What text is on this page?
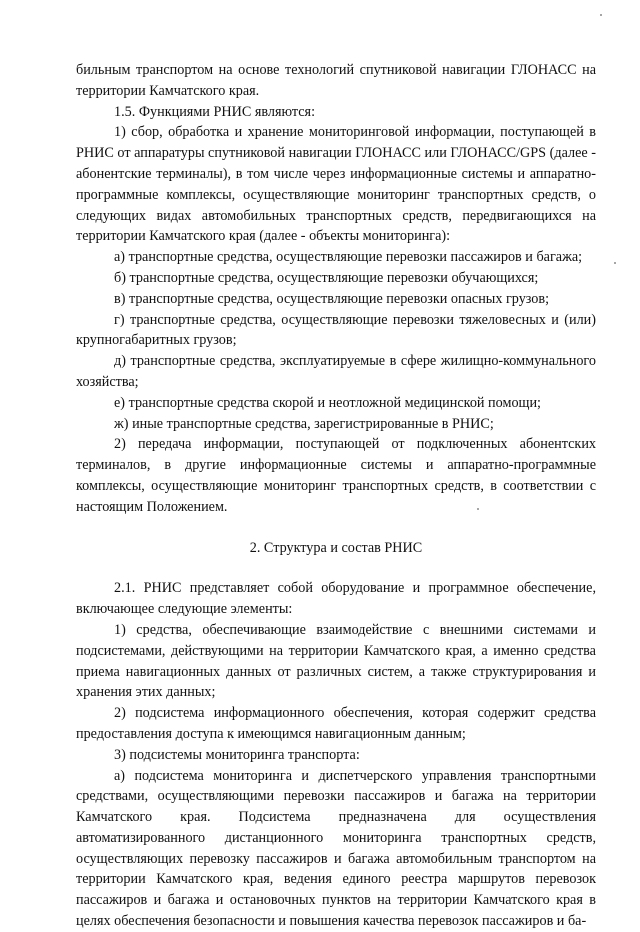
бильным транспортом на основе технологий спутниковой навигации ГЛОНАСС на территории Камчатского края.

1.5. Функциями РНИС являются:

1) сбор, обработка и хранение мониторинговой информации, поступающей в РНИС от аппаратуры спутниковой навигации ГЛОНАСС или ГЛОНАСС/GPS (далее - абонентские терминалы), в том числе через информационные системы и аппаратно-программные комплексы, осуществляющие мониторинг транспортных средств, о следующих видах автомобильных транспортных средств, передвигающихся на территории Камчатского края (далее - объекты мониторинга):

а) транспортные средства, осуществляющие перевозки пассажиров и багажа;

б) транспортные средства, осуществляющие перевозки обучающихся;

в) транспортные средства, осуществляющие перевозки опасных грузов;

г) транспортные средства, осуществляющие перевозки тяжеловесных и (или) крупногабаритных грузов;

д) транспортные средства, эксплуатируемые в сфере жилищно-коммунального хозяйства;

е) транспортные средства скорой и неотложной медицинской помощи;

ж) иные транспортные средства, зарегистрированные в РНИС;

2) передача информации, поступающей от подключенных абонентских терминалов, в другие информационные системы и аппаратно-программные комплексы, осуществляющие мониторинг транспортных средств, в соответствии с настоящим Положением.

2. Структура и состав РНИС

2.1. РНИС представляет собой оборудование и программное обеспечение, включающее следующие элементы:

1) средства, обеспечивающие взаимодействие с внешними системами и подсистемами, действующими на территории Камчатского края, а именно средства приема навигационных данных от различных систем, а также структурирования и хранения этих данных;

2) подсистема информационного обеспечения, которая содержит средства предоставления доступа к имеющимся навигационным данным;

3) подсистемы мониторинга транспорта:

а) подсистема мониторинга и диспетчерского управления транспортными средствами, осуществляющими перевозки пассажиров и багажа на территории Камчатского края. Подсистема предназначена для осуществления автоматизированного дистанционного мониторинга транспортных средств, осуществляющих перевозку пассажиров и багажа автомобильным транспортом на территории Камчатского края, ведения единого реестра маршрутов перевозок пассажиров и багажа и остановочных пунктов на территории Камчатского края в целях обеспечения безопасности и повышения качества перевозок пассажиров и ба-
